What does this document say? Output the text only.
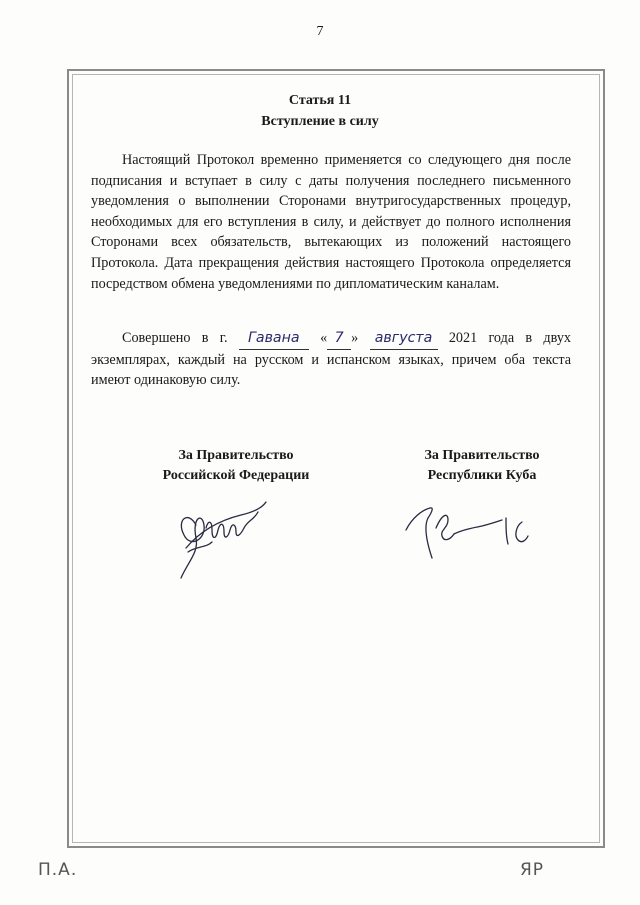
7
Статья 11
Вступление в силу
Настоящий Протокол временно применяется со следующего дня после подписания и вступает в силу с даты получения последнего письменного уведомления о выполнении Сторонами внутригосударственных процедур, необходимых для его вступления в силу, и действует до полного исполнения Сторонами всех обязательств, вытекающих из положений настоящего Протокола. Дата прекращения действия настоящего Протокола определяется посредством обмена уведомлениями по дипломатическим каналам.
Совершено в г. Гавана « 7 » августа 2021 года в двух экземплярах, каждый на русском и испанском языках, причем оба текста имеют одинаковую силу.
За Правительство
Российской Федерации
За Правительство
Республики Куба
П.А.	ЯР
